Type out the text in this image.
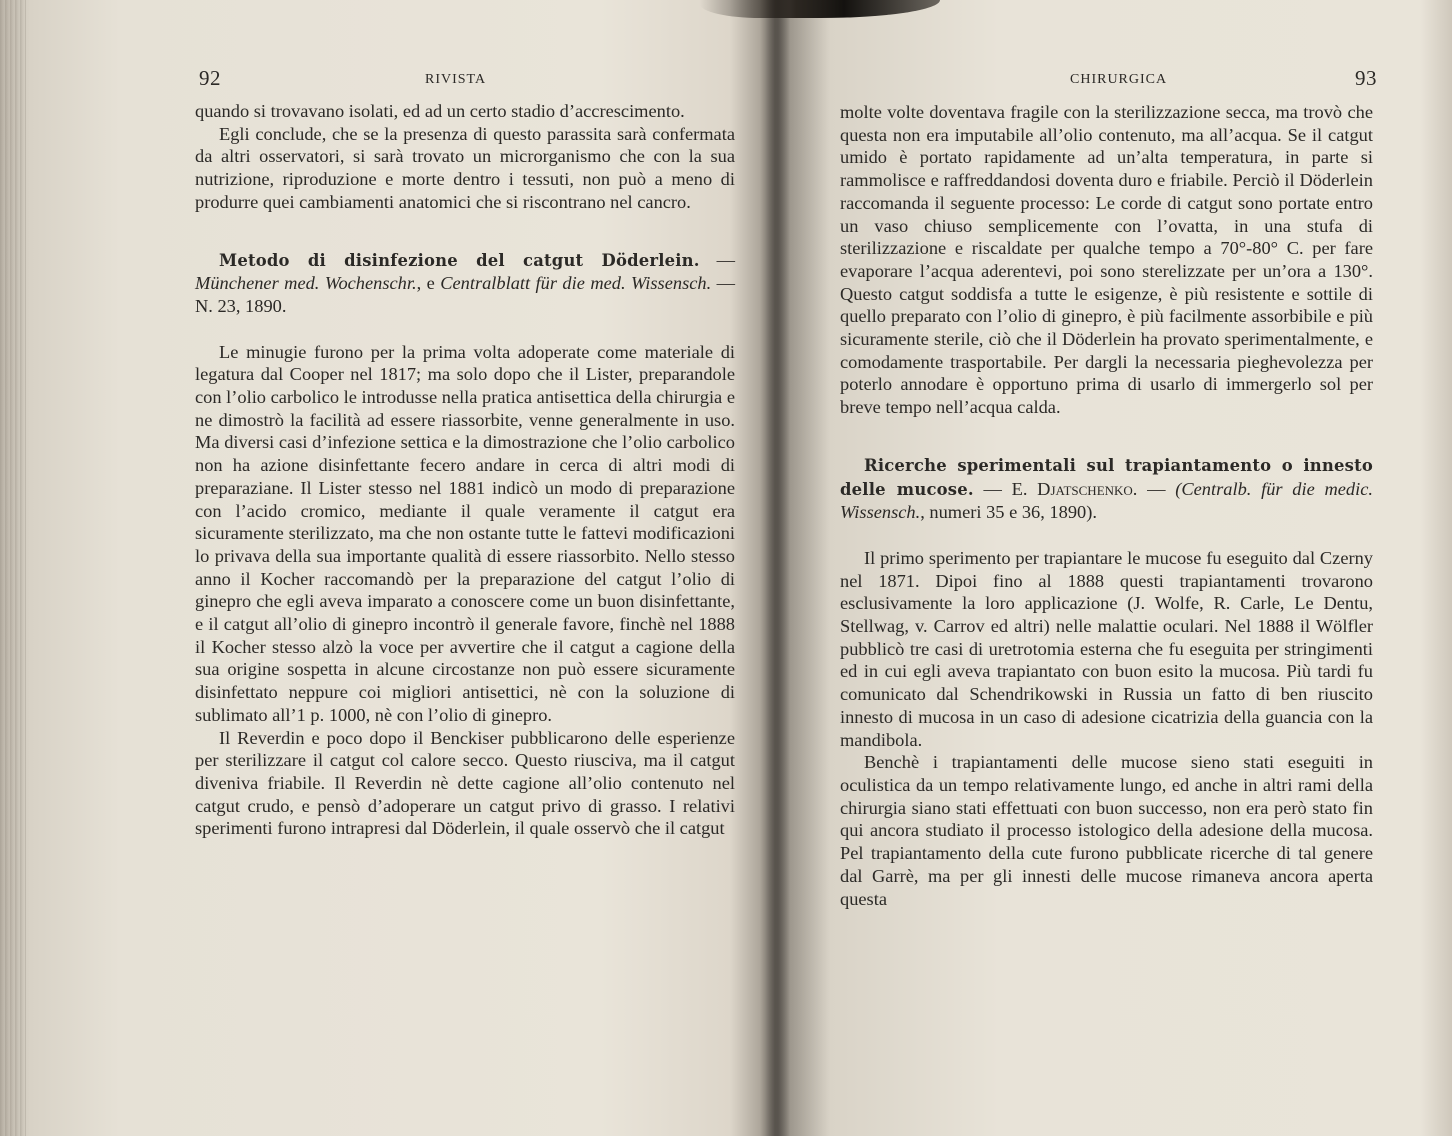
92	RIVISTA

quando si trovavano isolati, ed ad un certo stadio d’accrescimento.

Egli conclude, che se la presenza di questo parassita sarà confermata da altri osservatori, si sarà trovato un microrganismo che con la sua nutrizione, riproduzione e morte dentro i tessuti, non può a meno di produrre quei cambiamenti anatomici che si riscontrano nel cancro.

Metodo di disinfezione del catgut Döderlein. — Münchener med. Wochenschr., e Centralblatt für die med. Wissensch. — N. 23, 1890.

Le minugie furono per la prima volta adoperate come materiale di legatura dal Cooper nel 1817; ma solo dopo che il Lister, preparandole con l’olio carbolico le introdusse nella pratica antisettica della chirurgia e ne dimostrò la facilità ad essere riassorbite, venne generalmente in uso. Ma diversi casi d’infezione settica e la dimostrazione che l’olio carbolico non ha azione disinfettante fecero andare in cerca di altri modi di preparaziane. Il Lister stesso nel 1881 indicò un modo di preparazione con l’acido cromico, mediante il quale veramente il catgut era sicuramente sterilizzato, ma che non ostante tutte le fattevi modificazioni lo privava della sua importante qualità di essere riassorbito. Nello stesso anno il Kocher raccomandò per la preparazione del catgut l’olio di ginepro che egli aveva imparato a conoscere come un buon disinfettante, e il catgut all’olio di ginepro incontrò il generale favore, finchè nel 1888 il Kocher stesso alzò la voce per avvertire che il catgut a cagione della sua origine sospetta in alcune circostanze non può essere sicuramente disinfettato neppure coi migliori antisettici, nè con la soluzione di sublimato all’1 p. 1000, nè con l’olio di ginepro.

Il Reverdin e poco dopo il Benckiser pubblicarono delle esperienze per sterilizzare il catgut col calore secco. Questo riusciva, ma il catgut diveniva friabile. Il Reverdin nè dette cagione all’olio contenuto nel catgut crudo, e pensò d’adoperare un catgut privo di grasso. I relativi sperimenti furono intrapresi dal Döderlein, il quale osservò che il catgut

CHIRURGICA	93

molte volte doventava fragile con la sterilizzazione secca, ma trovò che questa non era imputabile all’olio contenuto, ma all’acqua. Se il catgut umido è portato rapidamente ad un’alta temperatura, in parte si rammolisce e raffreddandosi doventa duro e friabile. Perciò il Döderlein raccomanda il seguente processo: Le corde di catgut sono portate entro un vaso chiuso semplicemente con l’ovatta, in una stufa di sterilizzazione e riscaldate per qualche tempo a 70°-80° C. per fare evaporare l’acqua aderentevi, poi sono sterelizzate per un’ora a 130°. Questo catgut soddisfa a tutte le esigenze, è più resistente e sottile di quello preparato con l’olio di ginepro, è più facilmente assorbibile e più sicuramente sterile, ciò che il Döderlein ha provato sperimentalmente, e comodamente trasportabile. Per dargli la necessaria pieghevolezza per poterlo annodare è opportuno prima di usarlo di immergerlo sol per breve tempo nell’acqua calda.

Ricerche sperimentali sul trapiantamento o innesto delle mucose. — E. Djatschenko. — (Centralb. für die medic. Wissensch., numeri 35 e 36, 1890).

Il primo sperimento per trapiantare le mucose fu eseguito dal Czerny nel 1871. Dipoi fino al 1888 questi trapiantamenti trovarono esclusivamente la loro applicazione (J. Wolfe, R. Carle, Le Dentu, Stellwag, v. Carrov ed altri) nelle malattie oculari. Nel 1888 il Wölfler pubblicò tre casi di uretrotomia esterna che fu eseguita per stringimenti ed in cui egli aveva trapiantato con buon esito la mucosa. Più tardi fu comunicato dal Schendrikowski in Russia un fatto di ben riuscito innesto di mucosa in un caso di adesione cicatrizia della guancia con la mandibola.

Benchè i trapiantamenti delle mucose sieno stati eseguiti in oculistica da un tempo relativamente lungo, ed anche in altri rami della chirurgia siano stati effettuati con buon successo, non era però stato fin qui ancora studiato il processo istologico della adesione della mucosa. Pel trapiantamento della cute furono pubblicate ricerche di tal genere dal Garrè, ma per gli innesti delle mucose rimaneva ancora aperta questa
